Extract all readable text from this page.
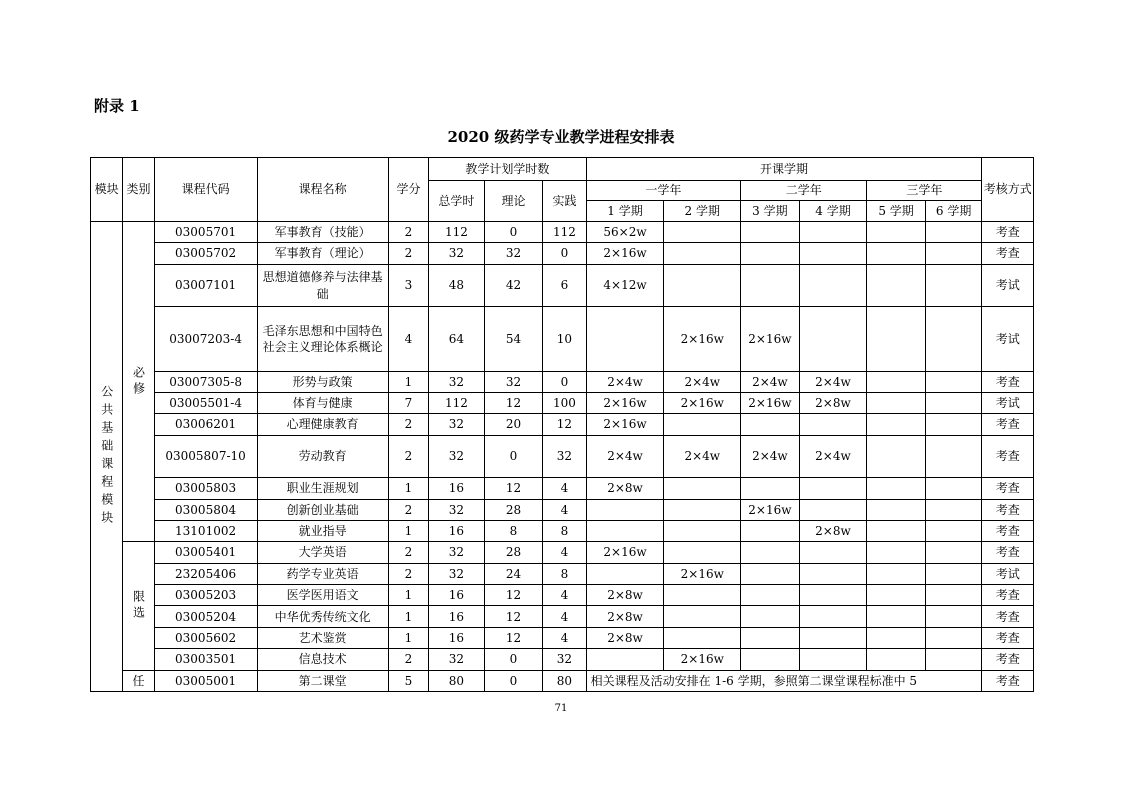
附录 1
2020 级药学专业教学进程安排表
模块	类别	课程代码	课程名称	学分	教学计划学时数			开课学期						考核方式
					总学时	理论	实践	一学年		二学年		三学年		
								1 学期	2 学期	3 学期	4 学期	5 学期	6 学期	
公共基础课程模块	必修	03005701	军事教育（技能）	2	112	0	112	56×2w						考查
		03005702	军事教育（理论）	2	32	32	0	2×16w						考查
		03007101	思想道德修养与法律基础	3	48	42	6	4×12w						考试
		03007203-4	毛泽东思想和中国特色社会主义理论体系概论	4	64	54	10		2×16w	2×16w				考试
		03007305-8	形势与政策	1	32	32	0	2×4w	2×4w	2×4w	2×4w			考查
		03005501-4	体育与健康	7	112	12	100	2×16w	2×16w	2×16w	2×8w			考试
		03006201	心理健康教育	2	32	20	12	2×16w						考查
		03005807-10	劳动教育	2	32	0	32	2×4w	2×4w	2×4w	2×4w			考查
		03005803	职业生涯规划	1	16	12	4	2×8w						考查
		03005804	创新创业基础	2	32	28	4			2×16w				考查
		13101002	就业指导	1	16	8	8				2×8w			考查
	限选	03005401	大学英语	2	32	28	4	2×16w						考查
		23205406	药学专业英语	2	32	24	8		2×16w					考试
		03005203	医学医用语文	1	16	12	4	2×8w						考查
		03005204	中华优秀传统文化	1	16	12	4	2×8w						考查
		03005602	艺术鉴赏	1	16	12	4	2×8w						考查
		03003501	信息技术	2	32	0	32		2×16w					考查
	任	03005001	第二课堂	5	80	0	80	相关课程及活动安排在 1-6 学期，参照第二课堂课程标准中 5						考查
71
